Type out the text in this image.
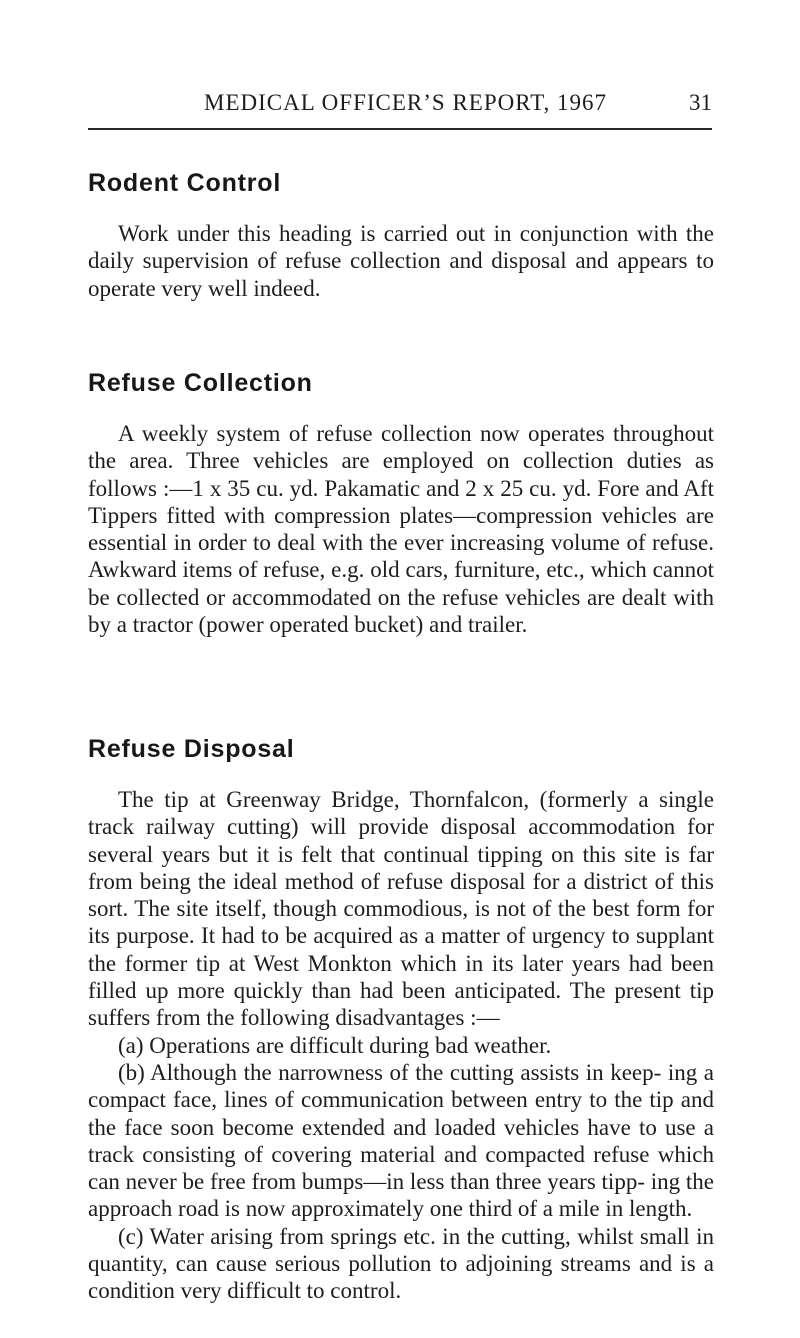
MEDICAL OFFICER’S REPORT, 1967	31
Rodent Control

Work under this heading is carried out in conjunction with the daily supervision of refuse collection and disposal and appears to operate very well indeed.

Refuse Collection

A weekly system of refuse collection now operates throughout the area. Three vehicles are employed on collection duties as follows :—1 x 35 cu. yd. Pakamatic and 2 x 25 cu. yd. Fore and Aft Tippers fitted with compression plates—compression vehicles are essential in order to deal with the ever increasing volume of refuse. Awkward items of refuse, e.g. old cars, furniture, etc., which cannot be collected or accommodated on the refuse vehicles are dealt with by a tractor (power operated bucket) and trailer.

Refuse Disposal

The tip at Greenway Bridge, Thornfalcon, (formerly a single track railway cutting) will provide disposal accommodation for several years but it is felt that continual tipping on this site is far from being the ideal method of refuse disposal for a district of this sort. The site itself, though commodious, is not of the best form for its purpose. It had to be acquired as a matter of urgency to supplant the former tip at West Monkton which in its later years had been filled up more quickly than had been anticipated. The present tip suffers from the following disadvantages :—

(a) Operations are difficult during bad weather.

(b) Although the narrowness of the cutting assists in keep- ing a compact face, lines of communication between entry to the tip and the face soon become extended and loaded vehicles have to use a track consisting of covering material and compacted refuse which can never be free from bumps—in less than three years tipp- ing the approach road is now approximately one third of a mile in length.

(c) Water arising from springs etc. in the cutting, whilst small in quantity, can cause serious pollution to adjoining streams and is a condition very difficult to control.
